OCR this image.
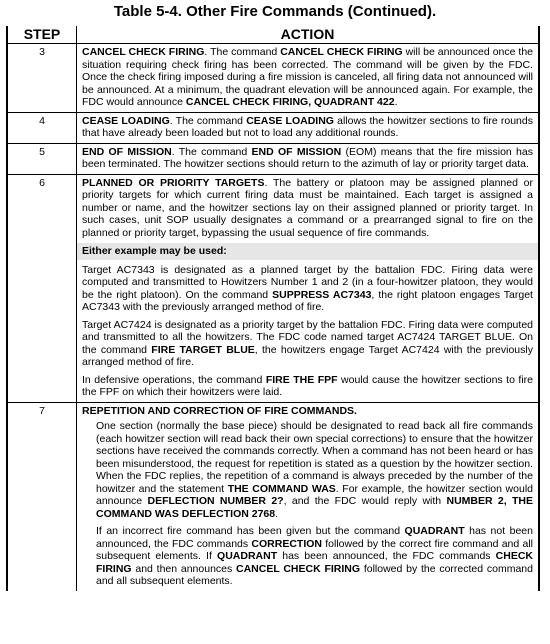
Table 5-4. Other Fire Commands (Continued).
STEP	ACTION
3	CANCEL CHECK FIRING. The command CANCEL CHECK FIRING will be announced once the situation requiring check firing has been corrected. The command will be given by the FDC. Once the check firing imposed during a fire mission is canceled, all firing data not announced will be announced. At a minimum, the quadrant elevation will be announced again. For example, the FDC would announce CANCEL CHECK FIRING, QUADRANT 422.

4	CEASE LOADING. The command CEASE LOADING allows the howitzer sections to fire rounds that have already been loaded but not to load any additional rounds.

5	END OF MISSION. The command END OF MISSION (EOM) means that the fire mission has been terminated. The howitzer sections should return to the azimuth of lay or priority target data.

6	PLANNED OR PRIORITY TARGETS. The battery or platoon may be assigned planned or priority targets for which current firing data must be maintained. Each target is assigned a number or name, and the howitzer sections lay on their assigned planned or priority target. In such cases, unit SOP usually designates a command or a prearranged signal to fire on the planned or priority target, bypassing the usual sequence of fire commands.

Either example may be used:

Target AC7343 is designated as a planned target by the battalion FDC. Firing data were computed and transmitted to Howitzers Number 1 and 2 (in a four-howitzer platoon, they would be the right platoon). On the command SUPPRESS AC7343, the right platoon engages Target AC7343 with the previously arranged method of fire.

Target AC7424 is designated as a priority target by the battalion FDC. Firing data were computed and transmitted to all the howitzers. The FDC code named target AC7424 TARGET BLUE. On the command FIRE TARGET BLUE, the howitzers engage Target AC7424 with the previously arranged method of fire.

In defensive operations, the command FIRE THE FPF would cause the howitzer sections to fire the FPF on which their howitzers were laid.

7	REPETITION AND CORRECTION OF FIRE COMMANDS.

One section (normally the base piece) should be designated to read back all fire commands (each howitzer section will read back their own special corrections) to ensure that the howitzer sections have received the commands correctly. When a command has not been heard or has been misunderstood, the request for repetition is stated as a question by the howitzer section. When the FDC replies, the repetition of a command is always preceded by the number of the howitzer and the statement THE COMMAND WAS. For example, the howitzer section would announce DEFLECTION NUMBER 2?, and the FDC would reply with NUMBER 2, THE COMMAND WAS DEFLECTION 2768.

If an incorrect fire command has been given but the command QUADRANT has not been announced, the FDC commands CORRECTION followed by the correct fire command and all subsequent elements. If QUADRANT has been announced, the FDC commands CHECK FIRING and then announces CANCEL CHECK FIRING followed by the corrected command and all subsequent elements.
